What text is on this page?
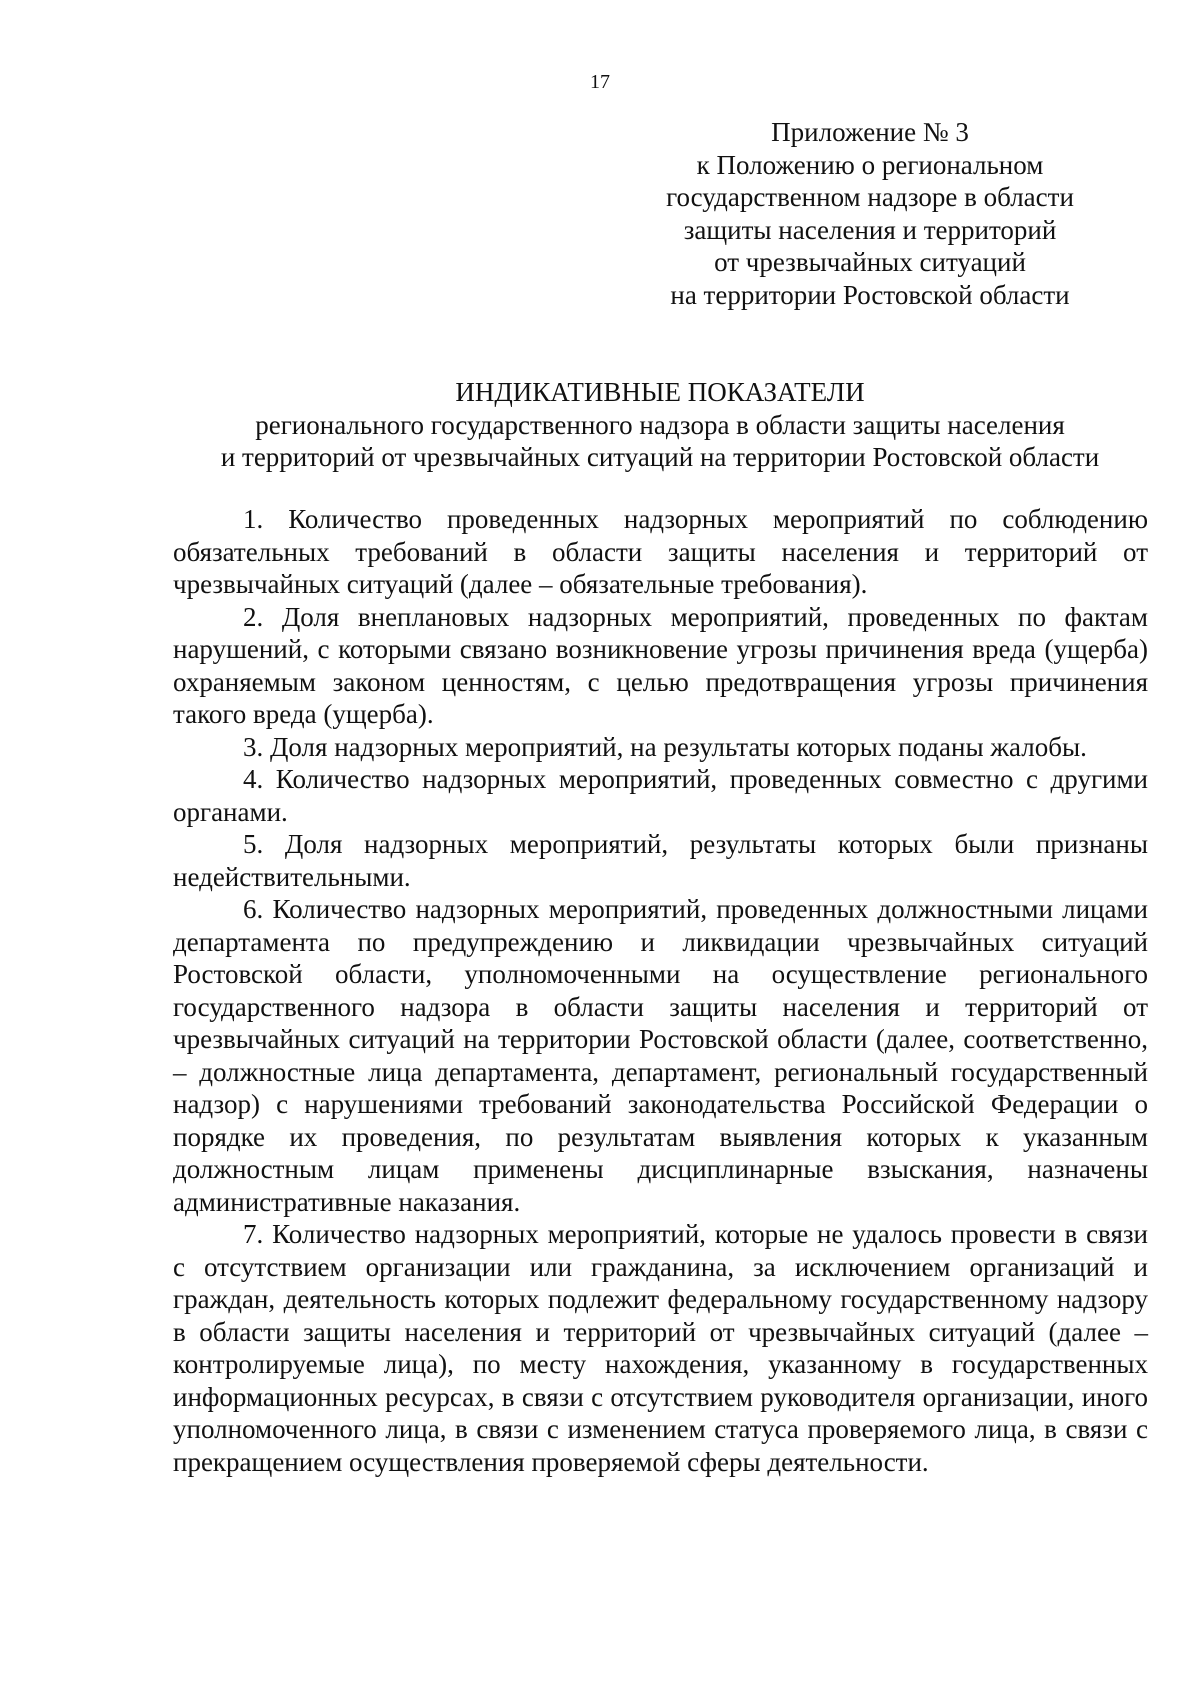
17
Приложение № 3
к Положению о региональном
государственном надзоре в области
защиты населения и территорий
от чрезвычайных ситуаций
на территории Ростовской области
ИНДИКАТИВНЫЕ ПОКАЗАТЕЛИ
регионального государственного надзора в области защиты населения
и территорий от чрезвычайных ситуаций на территории Ростовской области

1. Количество проведенных надзорных мероприятий по соблюдению обязательных требований в области защиты населения и территорий от чрезвычайных ситуаций (далее – обязательные требования).

2. Доля внеплановых надзорных мероприятий, проведенных по фактам нарушений, с которыми связано возникновение угрозы причинения вреда (ущерба) охраняемым законом ценностям, с целью предотвращения угрозы причинения такого вреда (ущерба).

3. Доля надзорных мероприятий, на результаты которых поданы жалобы.

4. Количество надзорных мероприятий, проведенных совместно с другими органами.

5. Доля надзорных мероприятий, результаты которых были признаны недействительными.

6. Количество надзорных мероприятий, проведенных должностными лицами департамента по предупреждению и ликвидации чрезвычайных ситуаций Ростовской области, уполномоченными на осуществление регионального государственного надзора в области защиты населения и территорий от чрезвычайных ситуаций на территории Ростовской области (далее, соответственно, – должностные лица департамента, департамент, региональный государственный надзор) с нарушениями требований законодательства Российской Федерации о порядке их проведения, по результатам выявления которых к указанным должностным лицам применены дисциплинарные взыскания, назначены административные наказания.

7. Количество надзорных мероприятий, которые не удалось провести в связи с отсутствием организации или гражданина, за исключением организаций и граждан, деятельность которых подлежит федеральному государственному надзору в области защиты населения и территорий от чрезвычайных ситуаций (далее – контролируемые лица), по месту нахождения, указанному в государственных информационных ресурсах, в связи с отсутствием руководителя организации, иного уполномоченного лица, в связи с изменением статуса проверяемого лица, в связи с прекращением осуществления проверяемой сферы деятельности.
